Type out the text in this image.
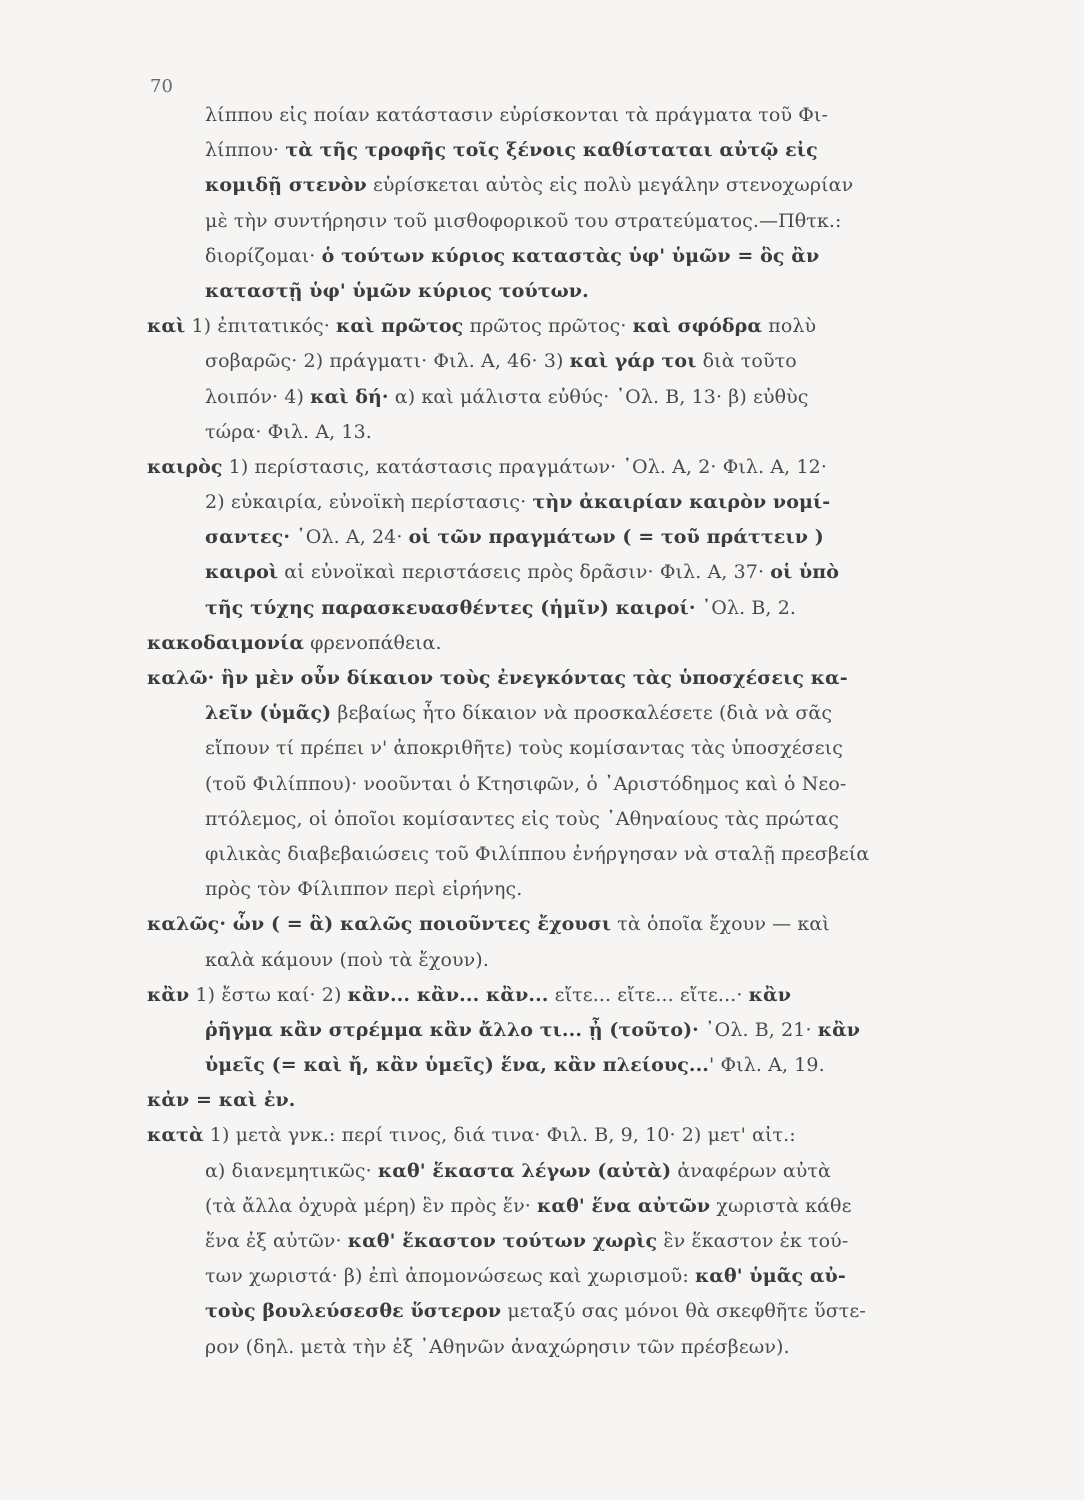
70
λίππου εἰς ποίαν κατάστασιν εὑρίσκονται τὰ πράγματα τοῦ Φι-
λίππου· τὰ τῆς τροφῆς τοῖς ξένοις καθίσταται αὐτῷ εἰς
κομιδῇ στενὸν εὑρίσκεται αὐτὸς εἰς πολὺ μεγάλην στενοχωρίαν
μὲ τὴν συντήρησιν τοῦ μισθοφορικοῦ του στρατεύματος.—Πθτκ.:
διορίζομαι· ὁ τούτων κύριος καταστὰς ὑφ' ὑμῶν = ὃς ἂν
καταστῇ ὑφ' ὑμῶν κύριος τούτων.
καὶ 1) ἐπιτατικός· καὶ πρῶτος πρῶτος πρῶτος· καὶ σφόδρα πολὺ
σοβαρῶς· 2) πράγματι· Φιλ. Α, 46· 3) καὶ γάρ τοι διὰ τοῦτο
λοιπόν· 4) καὶ δή· α) καὶ μάλιστα εὐθύς· ᾿Ολ. Β, 13· β) εὐθὺς
τώρα· Φιλ. Α, 13.
καιρὸς 1) περίστασις, κατάστασις πραγμάτων· ᾿Ολ. Α, 2· Φιλ. Α, 12·
2) εὐκαιρία, εὐνοϊκὴ περίστασις· τὴν ἀκαιρίαν καιρὸν νομί-
σαντες· ᾿Ολ. Α, 24· οἱ τῶν πραγμάτων ( = τοῦ πράττειν )
καιροὶ αἱ εὐνοϊκαὶ περιστάσεις πρὸς δρᾶσιν· Φιλ. Α, 37· οἱ ὑπὸ
τῆς τύχης παρασκευασθέντες (ἡμῖν) καιροί· ᾿Ολ. Β, 2.
κακοδαιμονία φρενοπάθεια.
καλῶ· ἣν μὲν οὖν δίκαιον τοὺς ἐνεγκόντας τὰς ὑποσχέσεις κα-
λεῖν (ὑμᾶς) βεβαίως ἦτο δίκαιον νὰ προσκαλέσετε (διὰ νὰ σᾶς
εἴπουν τί πρέπει ν' ἀποκριθῆτε) τοὺς κομίσαντας τὰς ὑποσχέσεις
(τοῦ Φιλίππου)· νοοῦνται ὁ Κτησιφῶν, ὁ ᾿Αριστόδημος καὶ ὁ Νεο-
πτόλεμος, οἱ ὁποῖοι κομίσαντες εἰς τοὺς ᾿Αθηναίους τὰς πρώτας
φιλικὰς διαβεβαιώσεις τοῦ Φιλίππου ἐνήργησαν νὰ σταλῇ πρεσβεία
πρὸς τὸν Φίλιππον περὶ εἰρήνης.
καλῶς· ὧν ( = ἃ) καλῶς ποιοῦντες ἔχουσι τὰ ὁποῖα ἔχουν — καὶ
καλὰ κάμουν (ποὺ τὰ ἔχουν).
κἂν 1) ἔστω καί· 2) κἂν... κἂν... κἂν... εἴτε... εἴτε... εἴτε...· κἂν
ῥῆγμα κἂν στρέμμα κἂν ἄλλο τι... ᾖ (τοῦτο)· ᾿Ολ. Β, 21· κἂν
ὑμεῖς (= καὶ ἤ, κἂν ὑμεῖς) ἕνα, κἂν πλείους...' Φιλ. Α, 19.
κἀν = καὶ ἐν.
κατὰ 1) μετὰ γνκ.: περί τινος, διά τινα· Φιλ. Β, 9, 10· 2) μετ' αἰτ.:
α) διανεμητικῶς· καθ' ἕκαστα λέγων (αὐτὰ) ἀναφέρων αὐτὰ
(τὰ ἄλλα ὀχυρὰ μέρη) ἓν πρὸς ἕν· καθ' ἕνα αὐτῶν χωριστὰ κάθε
ἕνα ἐξ αὐτῶν· καθ' ἕκαστον τούτων χωρὶς ἓν ἕκαστον ἐκ τού-
των χωριστά· β) ἐπὶ ἀπομονώσεως καὶ χωρισμοῦ: καθ' ὑμᾶς αὐ-
τοὺς βουλεύσεσθε ὕστερον μεταξύ σας μόνοι θὰ σκεφθῆτε ὕστε-
ρον (δηλ. μετὰ τὴν ἐξ ᾿Αθηνῶν ἀναχώρησιν τῶν πρέσβεων).
